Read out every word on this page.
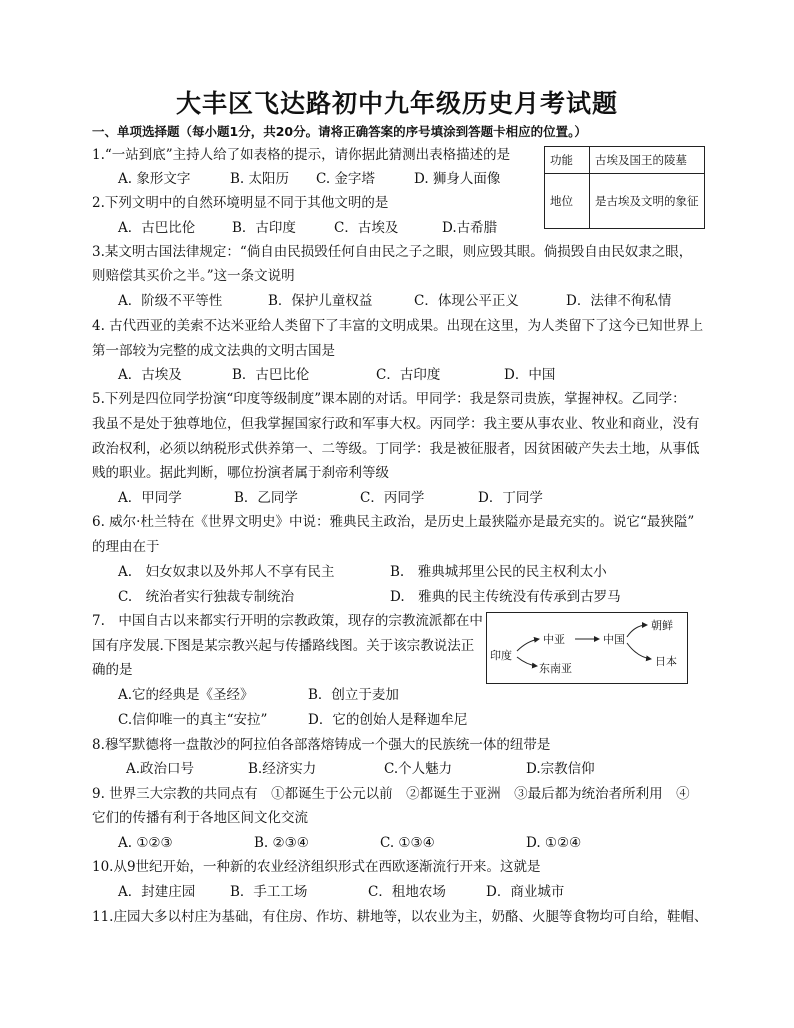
大丰区飞达路初中九年级历史月考试题
一、单项选择题（每小题1分，共20分。请将正确答案的序号填涂到答题卡相应的位置。）
功能	古埃及国王的陵墓
地位	是古埃及文明的象征
1.“一站到底”主持人给了如表格的提示，请你据此猜测出表格描述的是
A. 象形文字	B. 太阳历 C. 金字塔	D. 狮身人面像
2.下列文明中的自然环境明显不同于其他文明的是
A．古巴比伦	B．古印度	C．古埃及	D.古希腊
3.某文明古国法律规定：“倘自由民损毁任何自由民之子之眼，则应毁其眼。倘损毁自由民奴隶之眼，
则赔偿其买价之半。”这一条文说明
A．阶级不平等性	B．保护儿童权益	C．体现公平正义	D．法律不徇私情
4. 古代西亚的美索不达米亚给人类留下了丰富的文明成果。出现在这里，为人类留下了这今已知世界上
第一部较为完整的成文法典的文明古国是
A．古埃及	B．古巴比伦	C．古印度	D．中国
5.下列是四位同学扮演“印度等级制度”课本剧的对话。甲同学：我是祭司贵族，掌握神权。乙同学：
我虽不是处于独尊地位，但我掌握国家行政和军事大权。丙同学：我主要从事农业、牧业和商业，没有
政治权利，必须以纳税形式供养第一、二等级。丁同学：我是被征服者，因贫困破产失去土地，从事低
贱的职业。据此判断，哪位扮演者属于刹帝利等级
A．甲同学	B．乙同学	C．丙同学	D．丁同学
6. 威尔·杜兰特在《世界文明史》中说：雅典民主政治，是历史上最狭隘亦是最充实的。说它“最狭隘”
的理由在于
A.　妇女奴隶以及外邦人不享有民主	B.　雅典城邦里公民的民主权利太小
C.　统治者实行独裁专制统治	D.　雅典的民主传统没有传承到古罗马
7.　中国自古以来都实行开明的宗教政策，现存的宗教流派都在中
国有序发展.下图是某宗教兴起与传播路线图。关于该宗教说法正
确的是
印度
中亚	中国
朝鲜
日本
东南亚
A.它的经典是《圣经》	B．创立于麦加
C.信仰唯一的真主“安拉”	D．它的创始人是释迦牟尼
8.穆罕默德将一盘散沙的阿拉伯各部落熔铸成一个强大的民族统一体的纽带是
A.政治口号	B.经济实力	C.个人魅力	D.宗教信仰
9. 世界三大宗教的共同点有　①都诞生于公元以前　②都诞生于亚洲　③最后都为统治者所利用　④
它们的传播有利于各地区间文化交流
A. ①②③	B. ②③④	C. ①③④	D. ①②④
10.从9世纪开始，一种新的农业经济组织形式在西欧逐渐流行开来。这就是
A．封建庄园	B．手工工场	C．租地农场	D．商业城市
11.庄园大多以村庄为基础，有住房、作坊、耕地等，以农业为主，奶酪、火腿等食物均可自给，鞋帽、
